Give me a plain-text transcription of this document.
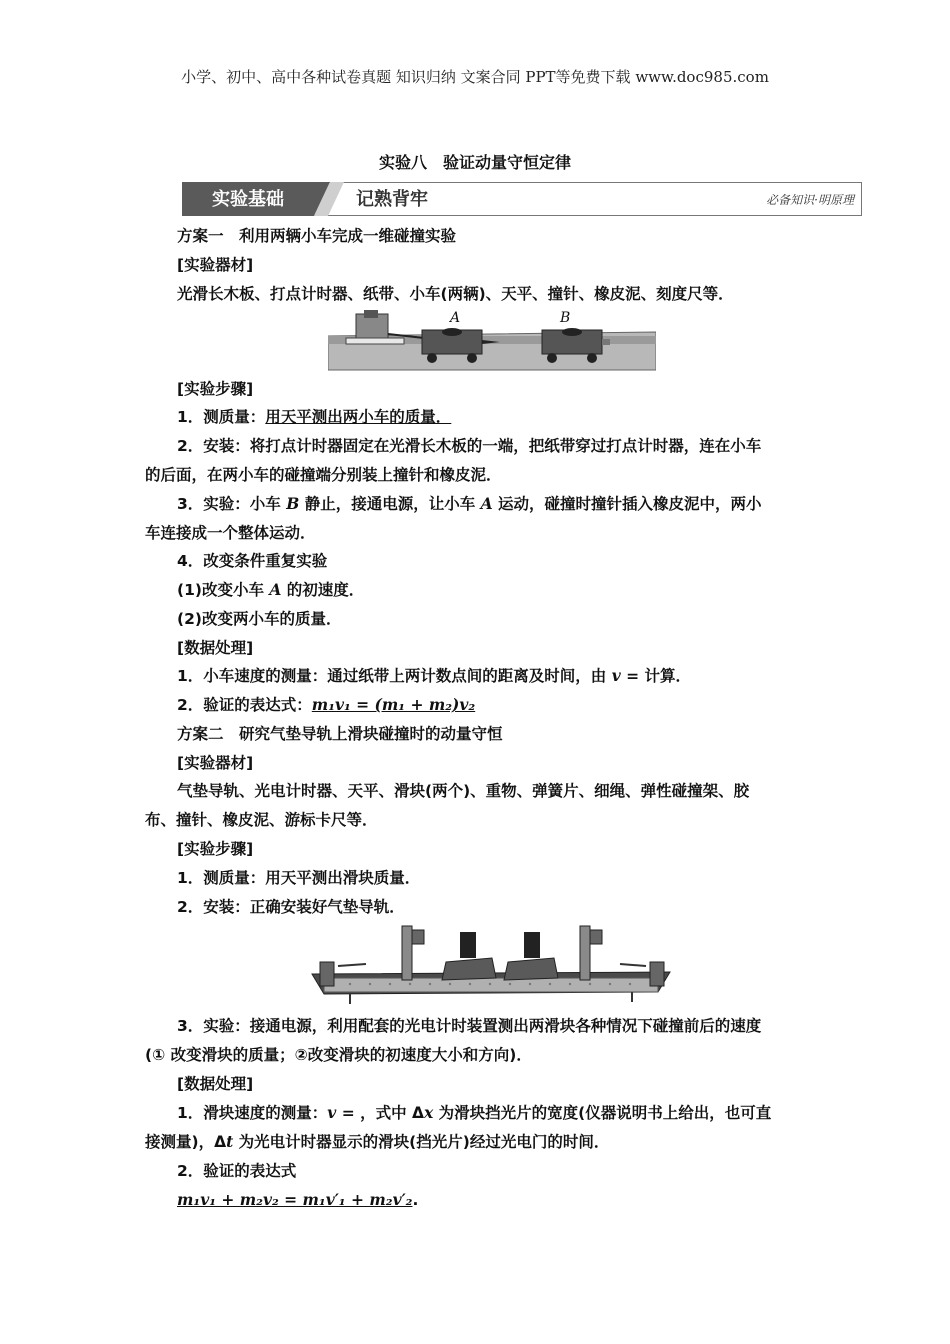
小学、初中、高中各种试卷真题 知识归纳 文案合同 PPT等免费下载 www.doc985.com
实验八　验证动量守恒定律
实验基础	记熟背牢	必备知识·明原理
方案一　利用两辆小车完成一维碰撞实验
[实验器材]
光滑长木板、打点计时器、纸带、小车(两辆)、天平、撞针、橡皮泥、刻度尺等．
A	B
[实验步骤]
1．测质量：用天平测出两小车的质量．
2．安装：将打点计时器固定在光滑长木板的一端，把纸带穿过打点计时器，连在小车
的后面，在两小车的碰撞端分别装上撞针和橡皮泥．
3．实验：小车 B 静止，接通电源，让小车 A 运动，碰撞时撞针插入橡皮泥中，两小
车连接成一个整体运动．
4．改变条件重复实验
(1)改变小车 A 的初速度．
(2)改变两小车的质量．
[数据处理]
1．小车速度的测量：通过纸带上两计数点间的距离及时间，由 v = 计算．
2．验证的表达式：m₁v₁ = (m₁ + m₂)v₂
方案二　研究气垫导轨上滑块碰撞时的动量守恒
[实验器材]
气垫导轨、光电计时器、天平、滑块(两个)、重物、弹簧片、细绳、弹性碰撞架、胶
布、撞针、橡皮泥、游标卡尺等．
[实验步骤]
1．测质量：用天平测出滑块质量．
2．安装：正确安装好气垫导轨．
3．实验：接通电源，利用配套的光电计时装置测出两滑块各种情况下碰撞前后的速度
(① 改变滑块的质量；②改变滑块的初速度大小和方向)．
[数据处理]
1．滑块速度的测量：v = ，式中 Δx 为滑块挡光片的宽度(仪器说明书上给出，也可直
接测量)，Δt 为光电计时器显示的滑块(挡光片)经过光电门的时间．
2．验证的表达式
m₁v₁ + m₂v₂ = m₁v′₁ + m₂v′₂.
